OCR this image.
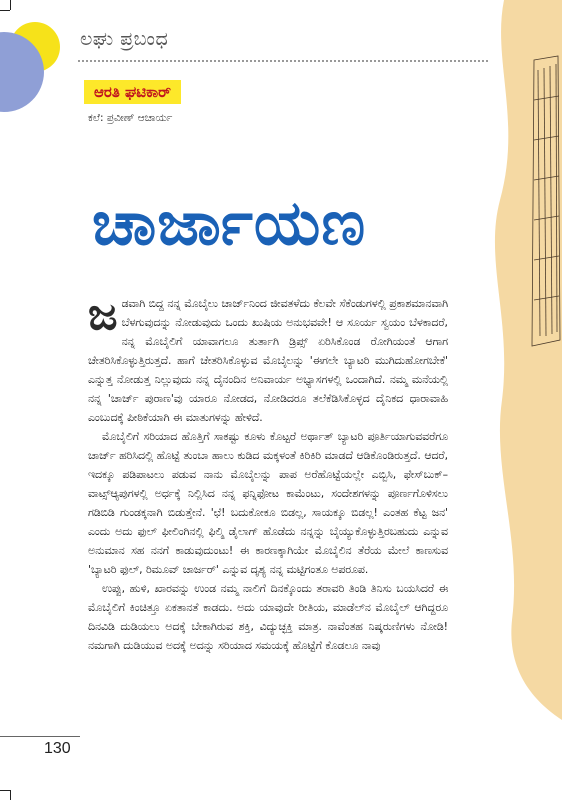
ಲಘು ಪ್ರಬಂಧ
ಆರತಿ ಘಟಿಕಾರ್
ಕಲೆ: ಪ್ರವೀಣ್ ಆಚಾರ್ಯ
ಚಾರ್ಜಾಯಣ

ಜ ಡವಾಗಿ ಬಿದ್ದ ನನ್ನ ಮೊಬೈಲು ಚಾರ್ಜ್‌ನಿಂದ ಜೀವತಳೆದು ಕೆಲವೇ ಸೆಕೆಂಡುಗಳಲ್ಲಿ ಪ್ರಕಾಶಮಾನವಾಗಿ ಬೆಳಗುವುದನ್ನು ನೋಡುವುದು ಒಂದು ಖುಷಿಯ ಅನುಭವವೇ! ಆ ಸೂರ್ಯ ಸ್ವಯಂ ಬೆಳಕಾದರೆ, ನನ್ನ ಮೊಬೈಲಿಗೆ ಯಾವಾಗಲೂ ತುರ್ತಾಗಿ ಡ್ರಿಪ್ಸ್ ಏರಿಸಿಕೊಂಡ ರೋಗಿಯಂತೆ ಆಗಾಗ ಚೇತರಿಸಿಕೊಳ್ಳುತ್ತಿರುತ್ತದೆ. ಹಾಗೆ ಚೇತರಿಸಿಕೊಳ್ಳುವ ಮೊಬೈಲನ್ನು 'ಈಗಲೇ ಬ್ಯಾಟರಿ ಮುಗಿದುಹೋಗಬೇಕೆ' ಎನ್ನುತ್ತ ನೋಡುತ್ತ ನಿಲ್ಲುವುದು ನನ್ನ ದೈನಂದಿನ ಅನಿವಾರ್ಯ ಅಭ್ಯಾಸಗಳಲ್ಲಿ ಒಂದಾಗಿದೆ. ನಮ್ಮ ಮನೆಯಲ್ಲಿ ನನ್ನ 'ಚಾರ್ಜ್ ಪುರಾಣ'ವು ಯಾರೂ ನೋಡದ, ನೋಡಿದರೂ ತಲೆಕೆಡಿಸಿಕೊಳ್ಳದ ದೈನಿಕದ ಧಾರಾವಾಹಿ ಎಂಬುದಕ್ಕೆ ಪೀಠಿಕೆಯಾಗಿ ಈ ಮಾತುಗಳನ್ನು ಹೇಳಿದೆ.

ಮೊಬೈಲಿಗೆ ಸರಿಯಾದ ಹೊತ್ತಿಗೆ ಸಾಕಷ್ಟು ಕೂಳು ಕೊಟ್ಟರೆ ಅರ್ಥಾತ್ ಬ್ಯಾಟರಿ ಪೂರ್ತಿಯಾಗುವವರೆಗೂ ಚಾರ್ಜ್ ಹರಿಸಿದಲ್ಲಿ ಹೊಟ್ಟೆ ತುಂಬಾ ಹಾಲು ಕುಡಿದ ಮಕ್ಕಳಂತೆ ಕಿರಿಕಿರಿ ಮಾಡದೆ ಆಡಿಕೊಂಡಿರುತ್ತದೆ. ಆದರೆ, ಇದಕ್ಕೂ ಪಡಿಪಾಟಲು ಪಡುವ ನಾನು ಮೊಬೈಲನ್ನು ಪಾಪ ಅರೆಹೊಟ್ಟೆಯಲ್ಲೇ ಎಬ್ಬಿಸಿ, ಫೇಸ್‌ಬುಕ್–ವಾಟ್ಸ್‌ಆ್ಯಪುಗಳಲ್ಲಿ ಅರ್ಧಕ್ಕೆ ನಿಲ್ಲಿಸಿದ ನನ್ನ ಫನ್ನಿಫೋಟ ಕಾಮೆಂಟು, ಸಂದೇಶಗಳನ್ನು ಪೂರ್ಣಗೊಳಿಸಲು ಗಡಿಬಿಡಿ ಗುಂಡಕ್ಕನಾಗಿ ಬಿಡುತ್ತೇನೆ. 'ಛೆ! ಬದುಕೋಕೂ ಬಿಡಲ್ಲ, ಸಾಯಕ್ಕೂ ಬಿಡಲ್ಲ! ಎಂತಹ ಕೆಟ್ಟ ಜನ' ಎಂದು ಅದು ಫುಲ್ ಫೀಲಿಂಗಿನಲ್ಲಿ ಫಿಲ್ಮಿ ಡೈಲಾಗ್ ಹೊಡೆದು ನನ್ನನ್ನು ಬೈಯ್ಯುಕೊಳ್ಳುತ್ತಿರಬಹುದು ಎನ್ನುವ ಅನುಮಾನ ಸಹ ನನಗೆ ಕಾಡುವುದುಂಟು! ಈ ಕಾರಣಕ್ಕಾಗಿಯೇ ಮೊಬೈಲಿನ ತೆರೆಯ ಮೇಲೆ ಕಾಣಸುವ 'ಬ್ಯಾಟರಿ ಫುಲ್, ರಿಮೂವ್ ಚಾರ್ಜರ್' ಎನ್ನುವ ದೃಶ್ಯ ನನ್ನ ಮಟ್ಟಿಗಂತೂ ಅಪರೂಪ.

ಉಪ್ಪು, ಹುಳಿ, ಖಾರವನ್ನು ಉಂಡ ನಮ್ಮ ನಾಲಿಗೆ ದಿನಕ್ಕೊಂದು ತರಾವರಿ ತಿಂಡಿ ತಿನಿಸು ಬಯಸಿದರೆ ಈ ಮೊಬೈಲಿಗೆ ಕಿಂಚಿತ್ತೂ ಏಕತಾನತೆ ಕಾಡದು. ಅದು ಯಾವುದೇ ರೀತಿಯ, ಮಾಡೆಲ್‌ನ ಮೊಬೈಲ್ ಆಗಿದ್ದರೂ ದಿನವಿಡಿ ದುಡಿಯಲು ಅದಕ್ಕೆ ಬೇಕಾಗಿರುವ ಶಕ್ತಿ, ವಿದ್ಯುಚ್ಛಕ್ತಿ ಮಾತ್ರ. ನಾವೆಂತಹ ನಿಷ್ಕರುಣಿಗಳು ನೋಡಿ! ನಮಗಾಗಿ ದುಡಿಯುವ ಅದಕ್ಕೆ ಅದನ್ನು ಸರಿಯಾದ ಸಮಯಕ್ಕೆ ಹೊಟ್ಟೆಗೆ ಕೊಡಲೂ ನಾವು

130
